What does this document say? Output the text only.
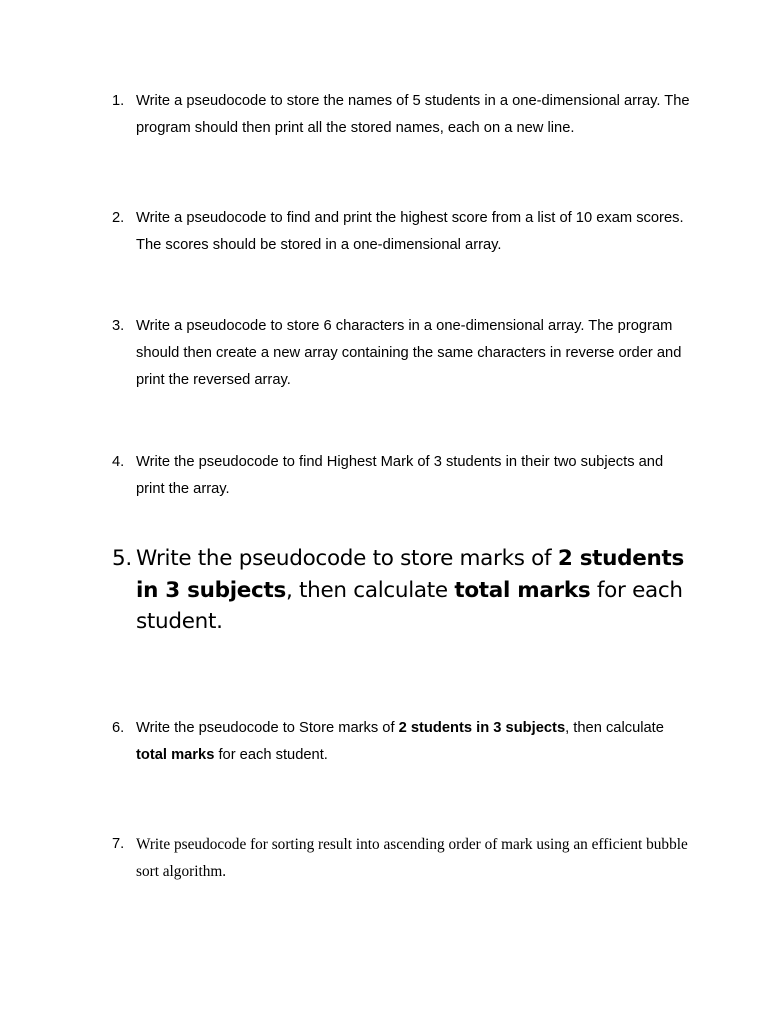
1. Write a pseudocode to store the names of 5 students in a one-dimensional array. The program should then print all the stored names, each on a new line.
2. Write a pseudocode to find and print the highest score from a list of 10 exam scores. The scores should be stored in a one-dimensional array.
3. Write a pseudocode to store 6 characters in a one-dimensional array. The program should then create a new array containing the same characters in reverse order and print the reversed array.
4. Write the pseudocode to find Highest Mark of 3 students in their two subjects and print the array.
5. Write the pseudocode to store marks of 2 students in 3 subjects, then calculate total marks for each student.
6. Write the pseudocode to Store marks of 2 students in 3 subjects, then calculate total marks for each student.
7. Write pseudocode for sorting result into ascending order of mark using an efficient bubble sort algorithm.
